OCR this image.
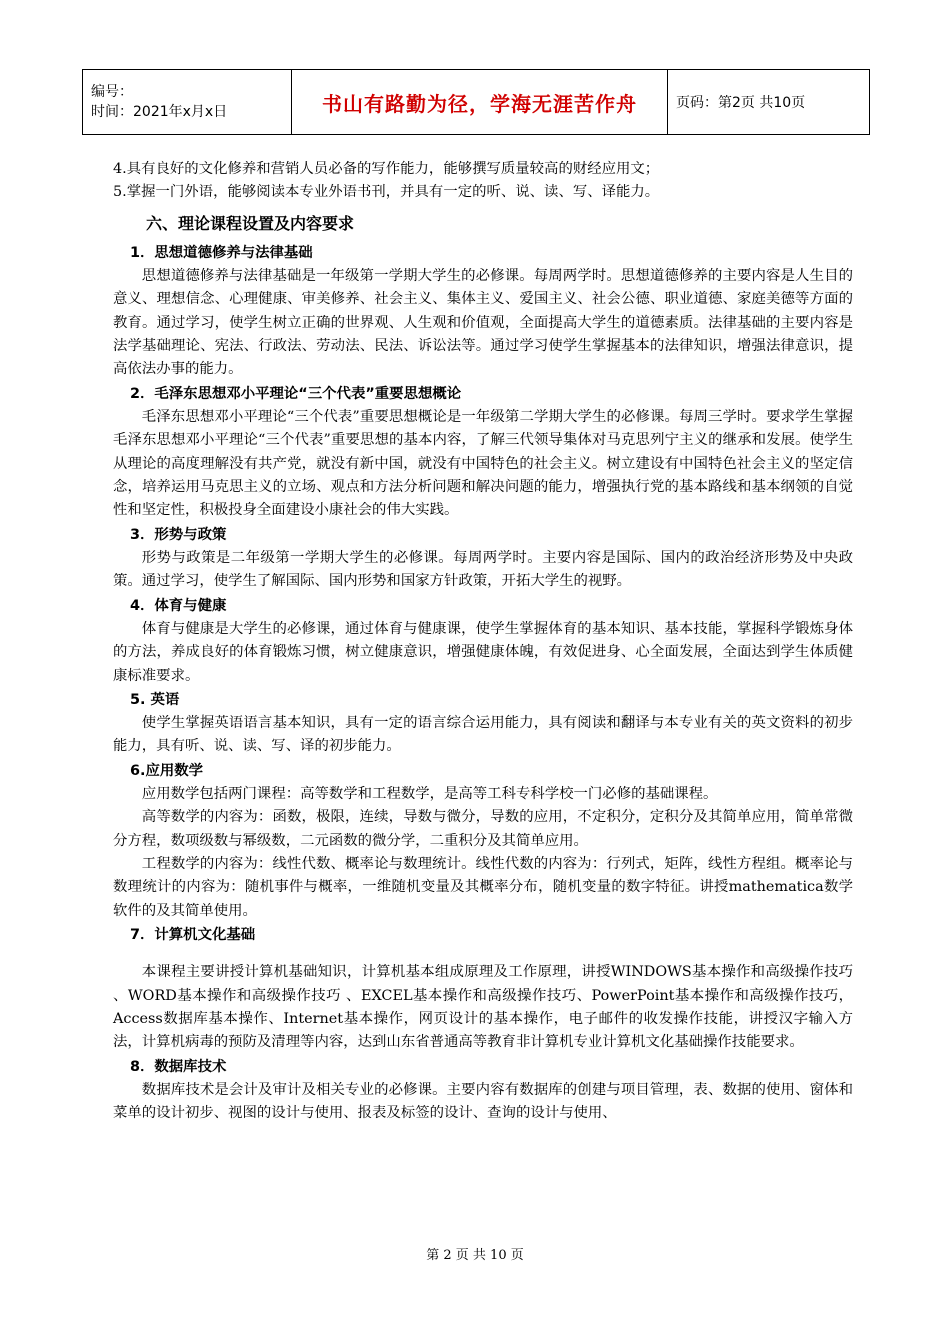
编号：
时间：2021年x月x日	书山有路勤为径，学海无涯苦作舟	页码：第2页 共10页
4.具有良好的文化修养和营销人员必备的写作能力，能够撰写质量较高的财经应用文；
5.掌握一门外语，能够阅读本专业外语书刊，并具有一定的听、说、读、写、译能力。
六、理论课程设置及内容要求
1．思想道德修养与法律基础

思想道德修养与法律基础是一年级第一学期大学生的必修课。每周两学时。思想道德修养的主要内容是人生目的意义、理想信念、心理健康、审美修养、社会主义、集体主义、爱国主义、社会公德、职业道德、家庭美德等方面的教育。通过学习，使学生树立正确的世界观、人生观和价值观，全面提高大学生的道德素质。法律基础的主要内容是法学基础理论、宪法、行政法、劳动法、民法、诉讼法等。通过学习使学生掌握基本的法律知识，增强法律意识，提高依法办事的能力。

2．毛泽东思想邓小平理论“三个代表”重要思想概论

毛泽东思想邓小平理论“三个代表”重要思想概论是一年级第二学期大学生的必修课。每周三学时。要求学生掌握毛泽东思想邓小平理论“三个代表”重要思想的基本内容，了解三代领导集体对马克思列宁主义的继承和发展。使学生从理论的高度理解没有共产党，就没有新中国，就没有中国特色的社会主义。树立建设有中国特色社会主义的坚定信念，培养运用马克思主义的立场、观点和方法分析问题和解决问题的能力，增强执行党的基本路线和基本纲领的自觉性和坚定性，积极投身全面建设小康社会的伟大实践。

3．形势与政策

形势与政策是二年级第一学期大学生的必修课。每周两学时。主要内容是国际、国内的政治经济形势及中央政策。通过学习，使学生了解国际、国内形势和国家方针政策，开拓大学生的视野。

4．体育与健康

体育与健康是大学生的必修课，通过体育与健康课，使学生掌握体育的基本知识、基本技能，掌握科学锻炼身体的方法，养成良好的体育锻炼习惯，树立健康意识，增强健康体魄，有效促进身、心全面发展，全面达到学生体质健康标准要求。

5. 英语

使学生掌握英语语言基本知识，具有一定的语言综合运用能力，具有阅读和翻译与本专业有关的英文资料的初步能力，具有听、说、读、写、译的初步能力。

6.应用数学

应用数学包括两门课程：高等数学和工程数学，是高等工科专科学校一门必修的基础课程。

高等数学的内容为：函数，极限，连续，导数与微分，导数的应用，不定积分，定积分及其简单应用，简单常微分方程，数项级数与幂级数，二元函数的微分学，二重积分及其简单应用。

工程数学的内容为：线性代数、概率论与数理统计。线性代数的内容为：行列式，矩阵，线性方程组。概率论与数理统计的内容为：随机事件与概率，一维随机变量及其概率分布，随机变量的数字特征。讲授mathematica数学软件的及其简单使用。

7．计算机文化基础

本课程主要讲授计算机基础知识，计算机基本组成原理及工作原理，讲授WINDOWS基本操作和高级操作技巧 、WORD基本操作和高级操作技巧 、EXCEL基本操作和高级操作技巧、PowerPoint基本操作和高级操作技巧，Access数据库基本操作、Internet基本操作，网页设计的基本操作，电子邮件的收发操作技能，讲授汉字输入方法，计算机病毒的预防及清理等内容，达到山东省普通高等教育非计算机专业计算机文化基础操作技能要求。

8．数据库技术

数据库技术是会计及审计及相关专业的必修课。主要内容有数据库的创建与项目管理，表、数据的使用、窗体和菜单的设计初步、视图的设计与使用、报表及标签的设计、查询的设计与使用、

第 2 页 共 10 页
